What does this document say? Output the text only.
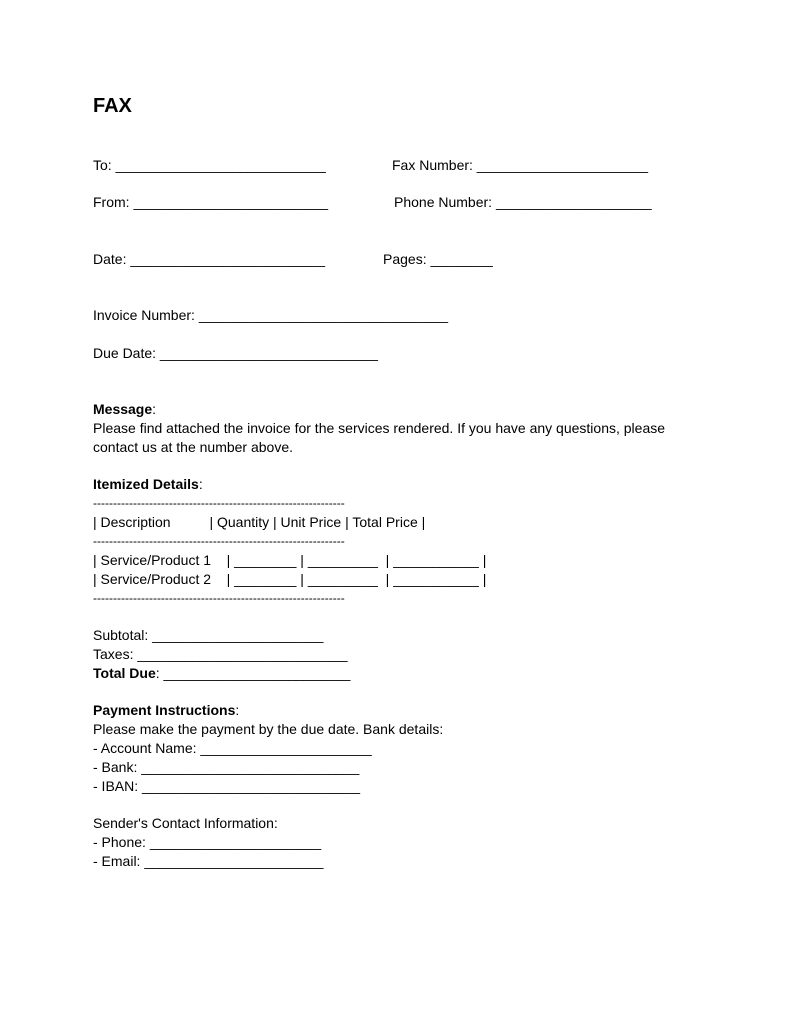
FAX
To: ___________________________	Fax Number: ______________________
From: _________________________	Phone Number: ____________________
Date: _________________________	Pages: ________
Invoice Number: ________________________________
Due Date: ____________________________
Message:
Please find attached the invoice for the services rendered. If you have any questions, please
contact us at the number above.
Itemized Details:
---------------------------------------------------------------
| Description          | Quantity | Unit Price | Total Price |
---------------------------------------------------------------
| Service/Product 1    | ________ | _________  | ___________ |
| Service/Product 2    | ________ | _________  | ___________ |
---------------------------------------------------------------
Subtotal: ______________________
Taxes: ___________________________
Total Due: ________________________
Payment Instructions:
Please make the payment by the due date. Bank details:
- Account Name: ______________________
- Bank: ____________________________
- IBAN: ____________________________
Sender's Contact Information:
- Phone: ______________________
- Email: _______________________
